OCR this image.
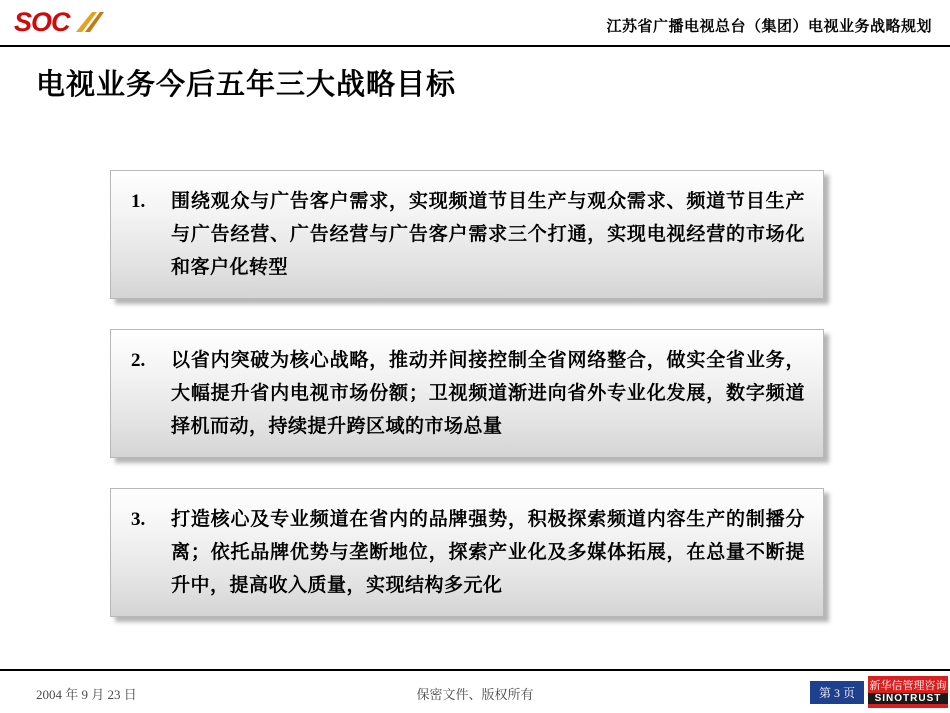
SOC	江苏省广播电视总台（集团）电视业务战略规划
电视业务今后五年三大战略目标
1.	围绕观众与广告客户需求，实现频道节目生产与观众需求、频道节目生产与广告经营、广告经营与广告客户需求三个打通，实现电视经营的市场化和客户化转型
2.	以省内突破为核心战略，推动并间接控制全省网络整合，做实全省业务，大幅提升省内电视市场份额；卫视频道渐进向省外专业化发展，数字频道择机而动，持续提升跨区域的市场总量
3.	打造核心及专业频道在省内的品牌强势，积极探索频道内容生产的制播分离；依托品牌优势与垄断地位，探索产业化及多媒体拓展，在总量不断提升中，提高收入质量，实现结构多元化
2004 年 9 月 23 日	保密文件、版权所有	第 3 页	新华信管理咨询
SINOTRUST
